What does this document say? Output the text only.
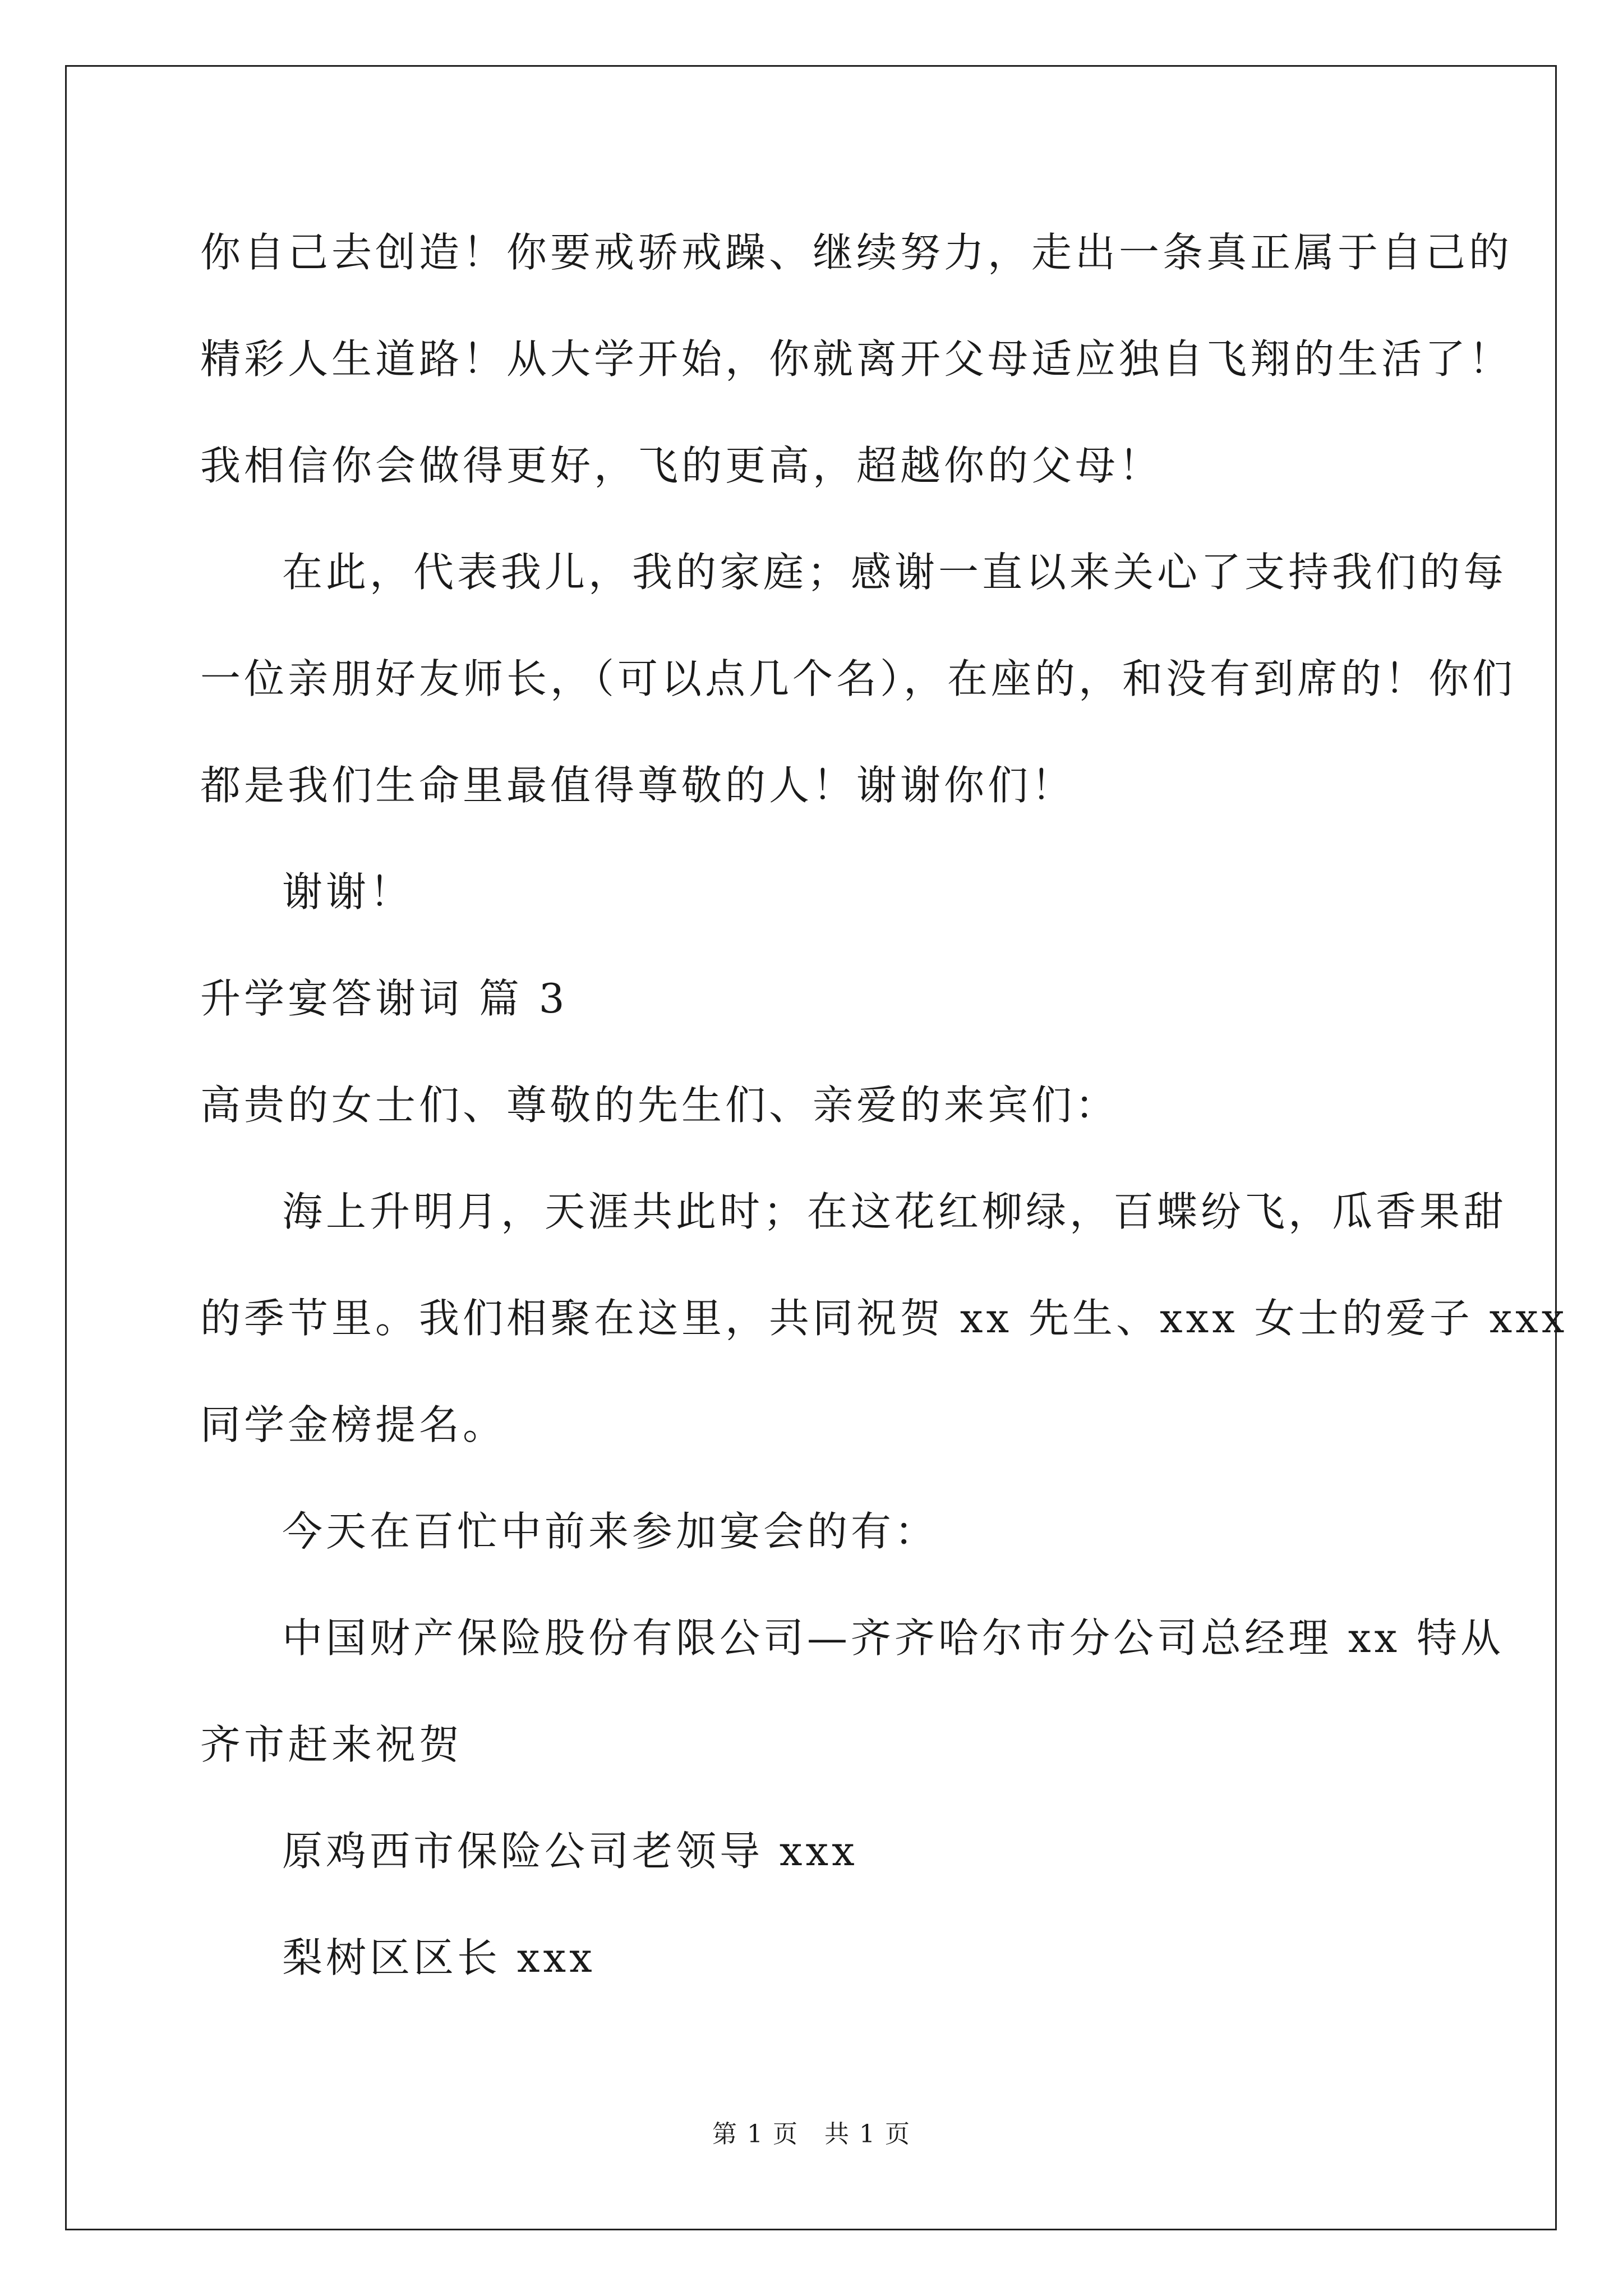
你自己去创造！你要戒骄戒躁、继续努力，走出一条真正属于自己的
精彩人生道路！从大学开始，你就离开父母适应独自飞翔的生活了！
我相信你会做得更好，飞的更高，超越你的父母！
在此，代表我儿，我的家庭；感谢一直以来关心了支持我们的每
一位亲朋好友师长，（可以点几个名），在座的，和没有到席的！你们
都是我们生命里最值得尊敬的人！谢谢你们！
谢谢！
升学宴答谢词 篇 3
高贵的女士们、尊敬的先生们、亲爱的来宾们：
海上升明月，天涯共此时；在这花红柳绿，百蝶纷飞，瓜香果甜
的季节里。我们相聚在这里，共同祝贺 xx 先生、xxx 女士的爱子 xxx
同学金榜提名。
今天在百忙中前来参加宴会的有：
中国财产保险股份有限公司—齐齐哈尔市分公司总经理 xx 特从
齐市赶来祝贺
原鸡西市保险公司老领导 xxx
梨树区区长 xxx
第 1 页　共 1 页
